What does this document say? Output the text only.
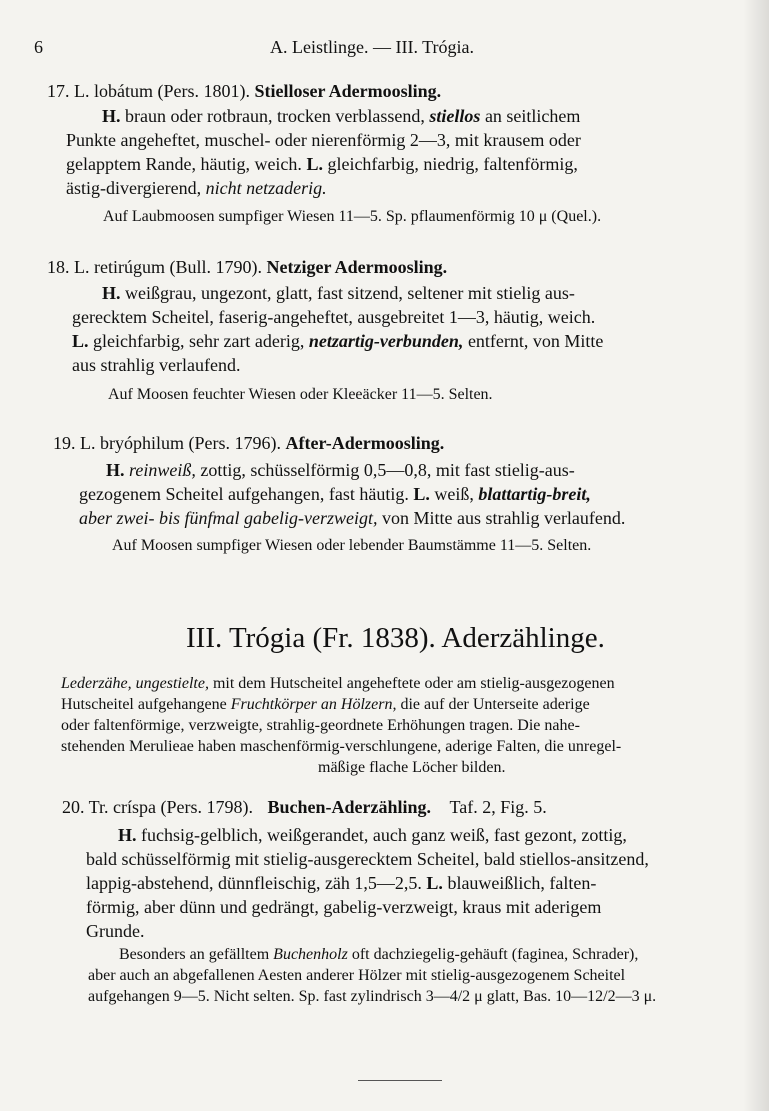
6	A. Leistlinge. — III. Trógia.
17. L. lobátum (Pers. 1801). Stielloser Adermoosling.
H. braun oder rotbraun, trocken verblassend, stiellos an seitlichem
Punkte angeheftet, muschel- oder nierenförmig 2—3, mit krausem oder
gelapptem Rande, häutig, weich. L. gleichfarbig, niedrig, faltenförmig,
ästig-divergierend, nicht netzaderig.
Auf Laubmoosen sumpfiger Wiesen 11—5. Sp. pflaumenförmig 10 μ (Quel.).
18. L. retirúgum (Bull. 1790). Netziger Adermoosling.
H. weißgrau, ungezont, glatt, fast sitzend, seltener mit stielig aus-
gerecktem Scheitel, faserig-angeheftet, ausgebreitet 1—3, häutig, weich.
L. gleichfarbig, sehr zart aderig, netzartig-verbunden, entfernt, von Mitte
aus strahlig verlaufend.
Auf Moosen feuchter Wiesen oder Kleeäcker 11—5. Selten.
19. L. bryóphilum (Pers. 1796). After-Adermoosling.
H. reinweiß, zottig, schüsselförmig 0,5—0,8, mit fast stielig-aus-
gezogenem Scheitel aufgehangen, fast häutig. L. weiß, blattartig-breit,
aber zwei- bis fünfmal gabelig-verzweigt, von Mitte aus strahlig verlaufend.
Auf Moosen sumpfiger Wiesen oder lebender Baumstämme 11—5. Selten.
III. Trógia (Fr. 1838). Aderzählinge.
Lederzähe, ungestielte, mit dem Hutscheitel angeheftete oder am stielig-ausgezogenen
Hutscheitel aufgehangene Fruchtkörper an Hölzern, die auf der Unterseite aderige
oder faltenförmige, verzweigte, strahlig-geordnete Erhöhungen tragen. Die nahe-
stehenden Merulieae haben maschenförmig-verschlungene, aderige Falten, die unregel-
mäßige flache Löcher bilden.
20. Tr. críspa (Pers. 1798). Buchen-Aderzähling. Taf. 2, Fig. 5.
H. fuchsig-gelblich, weißgerandet, auch ganz weiß, fast gezont, zottig,
bald schüsselförmig mit stielig-ausgerecktem Scheitel, bald stiellos-ansitzend,
lappig-abstehend, dünnfleischig, zäh 1,5—2,5. L. blauweißlich, falten-
förmig, aber dünn und gedrängt, gabelig-verzweigt, kraus mit aderigem
Grunde.
Besonders an gefälltem Buchenholz oft dachziegelig-gehäuft (faginea, Schrader),
aber auch an abgefallenen Aesten anderer Hölzer mit stielig-ausgezogenem Scheitel
aufgehangen 9—5. Nicht selten. Sp. fast zylindrisch 3—4/2 μ glatt, Bas. 10—12/2—3 μ.
